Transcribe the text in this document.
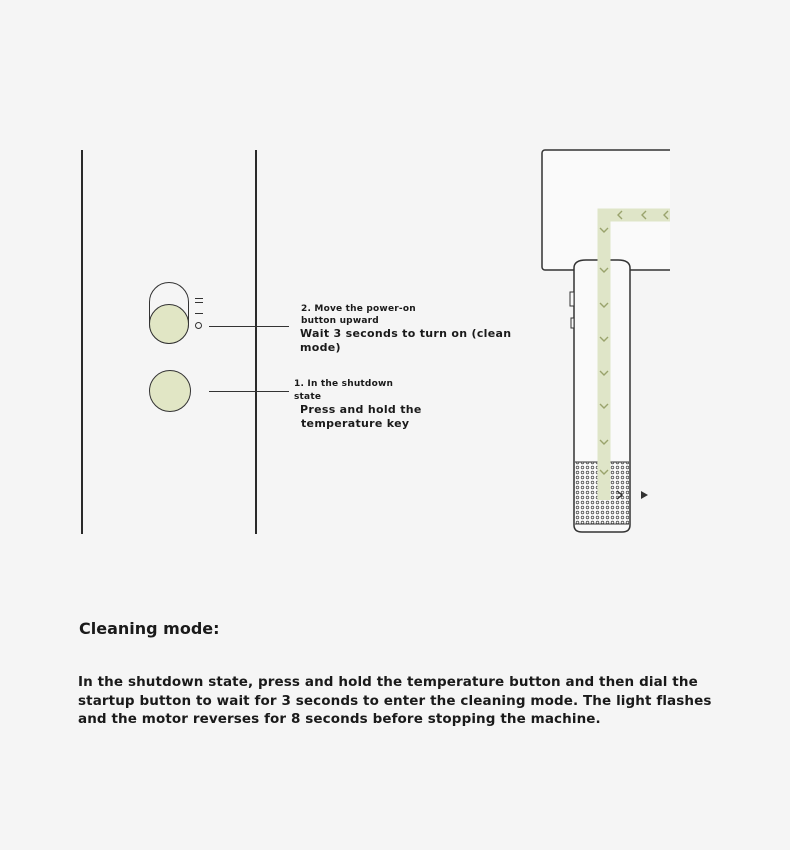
2. Move the power-on
button upward
Wait 3 seconds to turn on (clean
mode)
1. In the shutdown
state
Press and hold the
temperature key
Cleaning mode:
In the shutdown state, press and hold the temperature button and then dial the startup button to wait for 3 seconds to enter the cleaning mode. The light flashes and the motor reverses for 8 seconds before stopping the machine.
